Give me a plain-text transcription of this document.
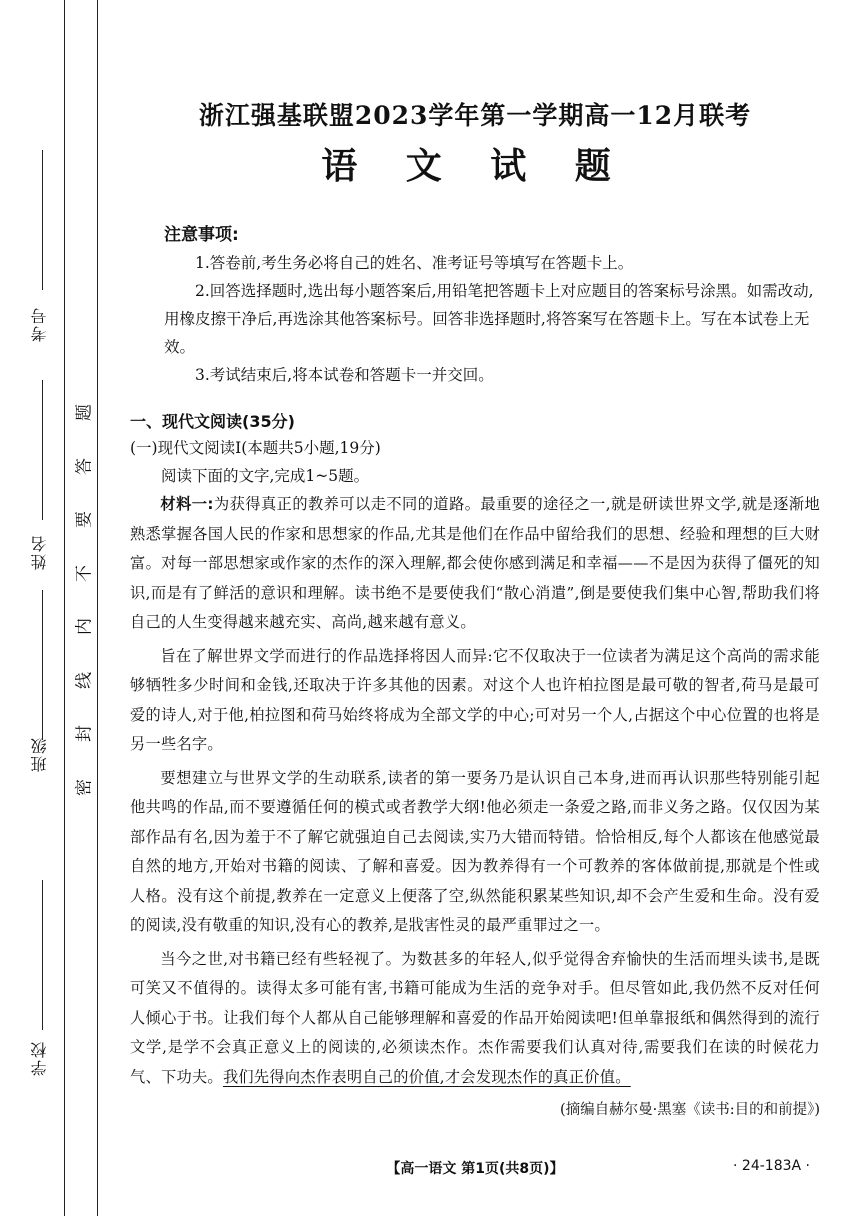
考号
姓名
班级
学校
密
封
线
内
不
要
答
题
浙江强基联盟2023学年第一学期高一12月联考
语 文 试 题
注意事项:

1.答卷前,考生务必将自己的姓名、准考证号等填写在答题卡上。

2.回答选择题时,选出每小题答案后,用铅笔把答题卡上对应题目的答案标号涂黑。如需改动,用橡皮擦干净后,再选涂其他答案标号。回答非选择题时,将答案写在答题卡上。写在本试卷上无效。

3.考试结束后,将本试卷和答题卡一并交回。

一、现代文阅读(35分)
(一)现代文阅读Ⅰ(本题共5小题,19分)
阅读下面的文字,完成1~5题。

材料一:为获得真正的教养可以走不同的道路。最重要的途径之一,就是研读世界文学,就是逐渐地熟悉掌握各国人民的作家和思想家的作品,尤其是他们在作品中留给我们的思想、经验和理想的巨大财富。对每一部思想家或作家的杰作的深入理解,都会使你感到满足和幸福——不是因为获得了僵死的知识,而是有了鲜活的意识和理解。读书绝不是要使我们“散心消遣”,倒是要使我们集中心智,帮助我们将自己的人生变得越来越充实、高尚,越来越有意义。

旨在了解世界文学而进行的作品选择将因人而异:它不仅取决于一位读者为满足这个高尚的需求能够牺牲多少时间和金钱,还取决于许多其他的因素。对这个人也许柏拉图是最可敬的智者,荷马是最可爱的诗人,对于他,柏拉图和荷马始终将成为全部文学的中心;可对另一个人,占据这个中心位置的也将是另一些名字。

要想建立与世界文学的生动联系,读者的第一要务乃是认识自己本身,进而再认识那些特别能引起他共鸣的作品,而不要遵循任何的模式或者教学大纲!他必须走一条爱之路,而非义务之路。仅仅因为某部作品有名,因为羞于不了解它就强迫自己去阅读,实乃大错而特错。恰恰相反,每个人都该在他感觉最自然的地方,开始对书籍的阅读、了解和喜爱。因为教养得有一个可教养的客体做前提,那就是个性或人格。没有这个前提,教养在一定意义上便落了空,纵然能积累某些知识,却不会产生爱和生命。没有爱的阅读,没有敬重的知识,没有心的教养,是戕害性灵的最严重罪过之一。

当今之世,对书籍已经有些轻视了。为数甚多的年轻人,似乎觉得舍弃愉快的生活而埋头读书,是既可笑又不值得的。读得太多可能有害,书籍可能成为生活的竞争对手。但尽管如此,我仍然不反对任何人倾心于书。让我们每个人都从自己能够理解和喜爱的作品开始阅读吧!但单靠报纸和偶然得到的流行文学,是学不会真正意义上的阅读的,必须读杰作。杰作需要我们认真对待,需要我们在读的时候花力气、下功夫。我们先得向杰作表明自己的价值,才会发现杰作的真正价值。

(摘编自赫尔曼·黑塞《读书:目的和前提》)
【高一语文 第1页(共8页)】	· 24-183A ·
